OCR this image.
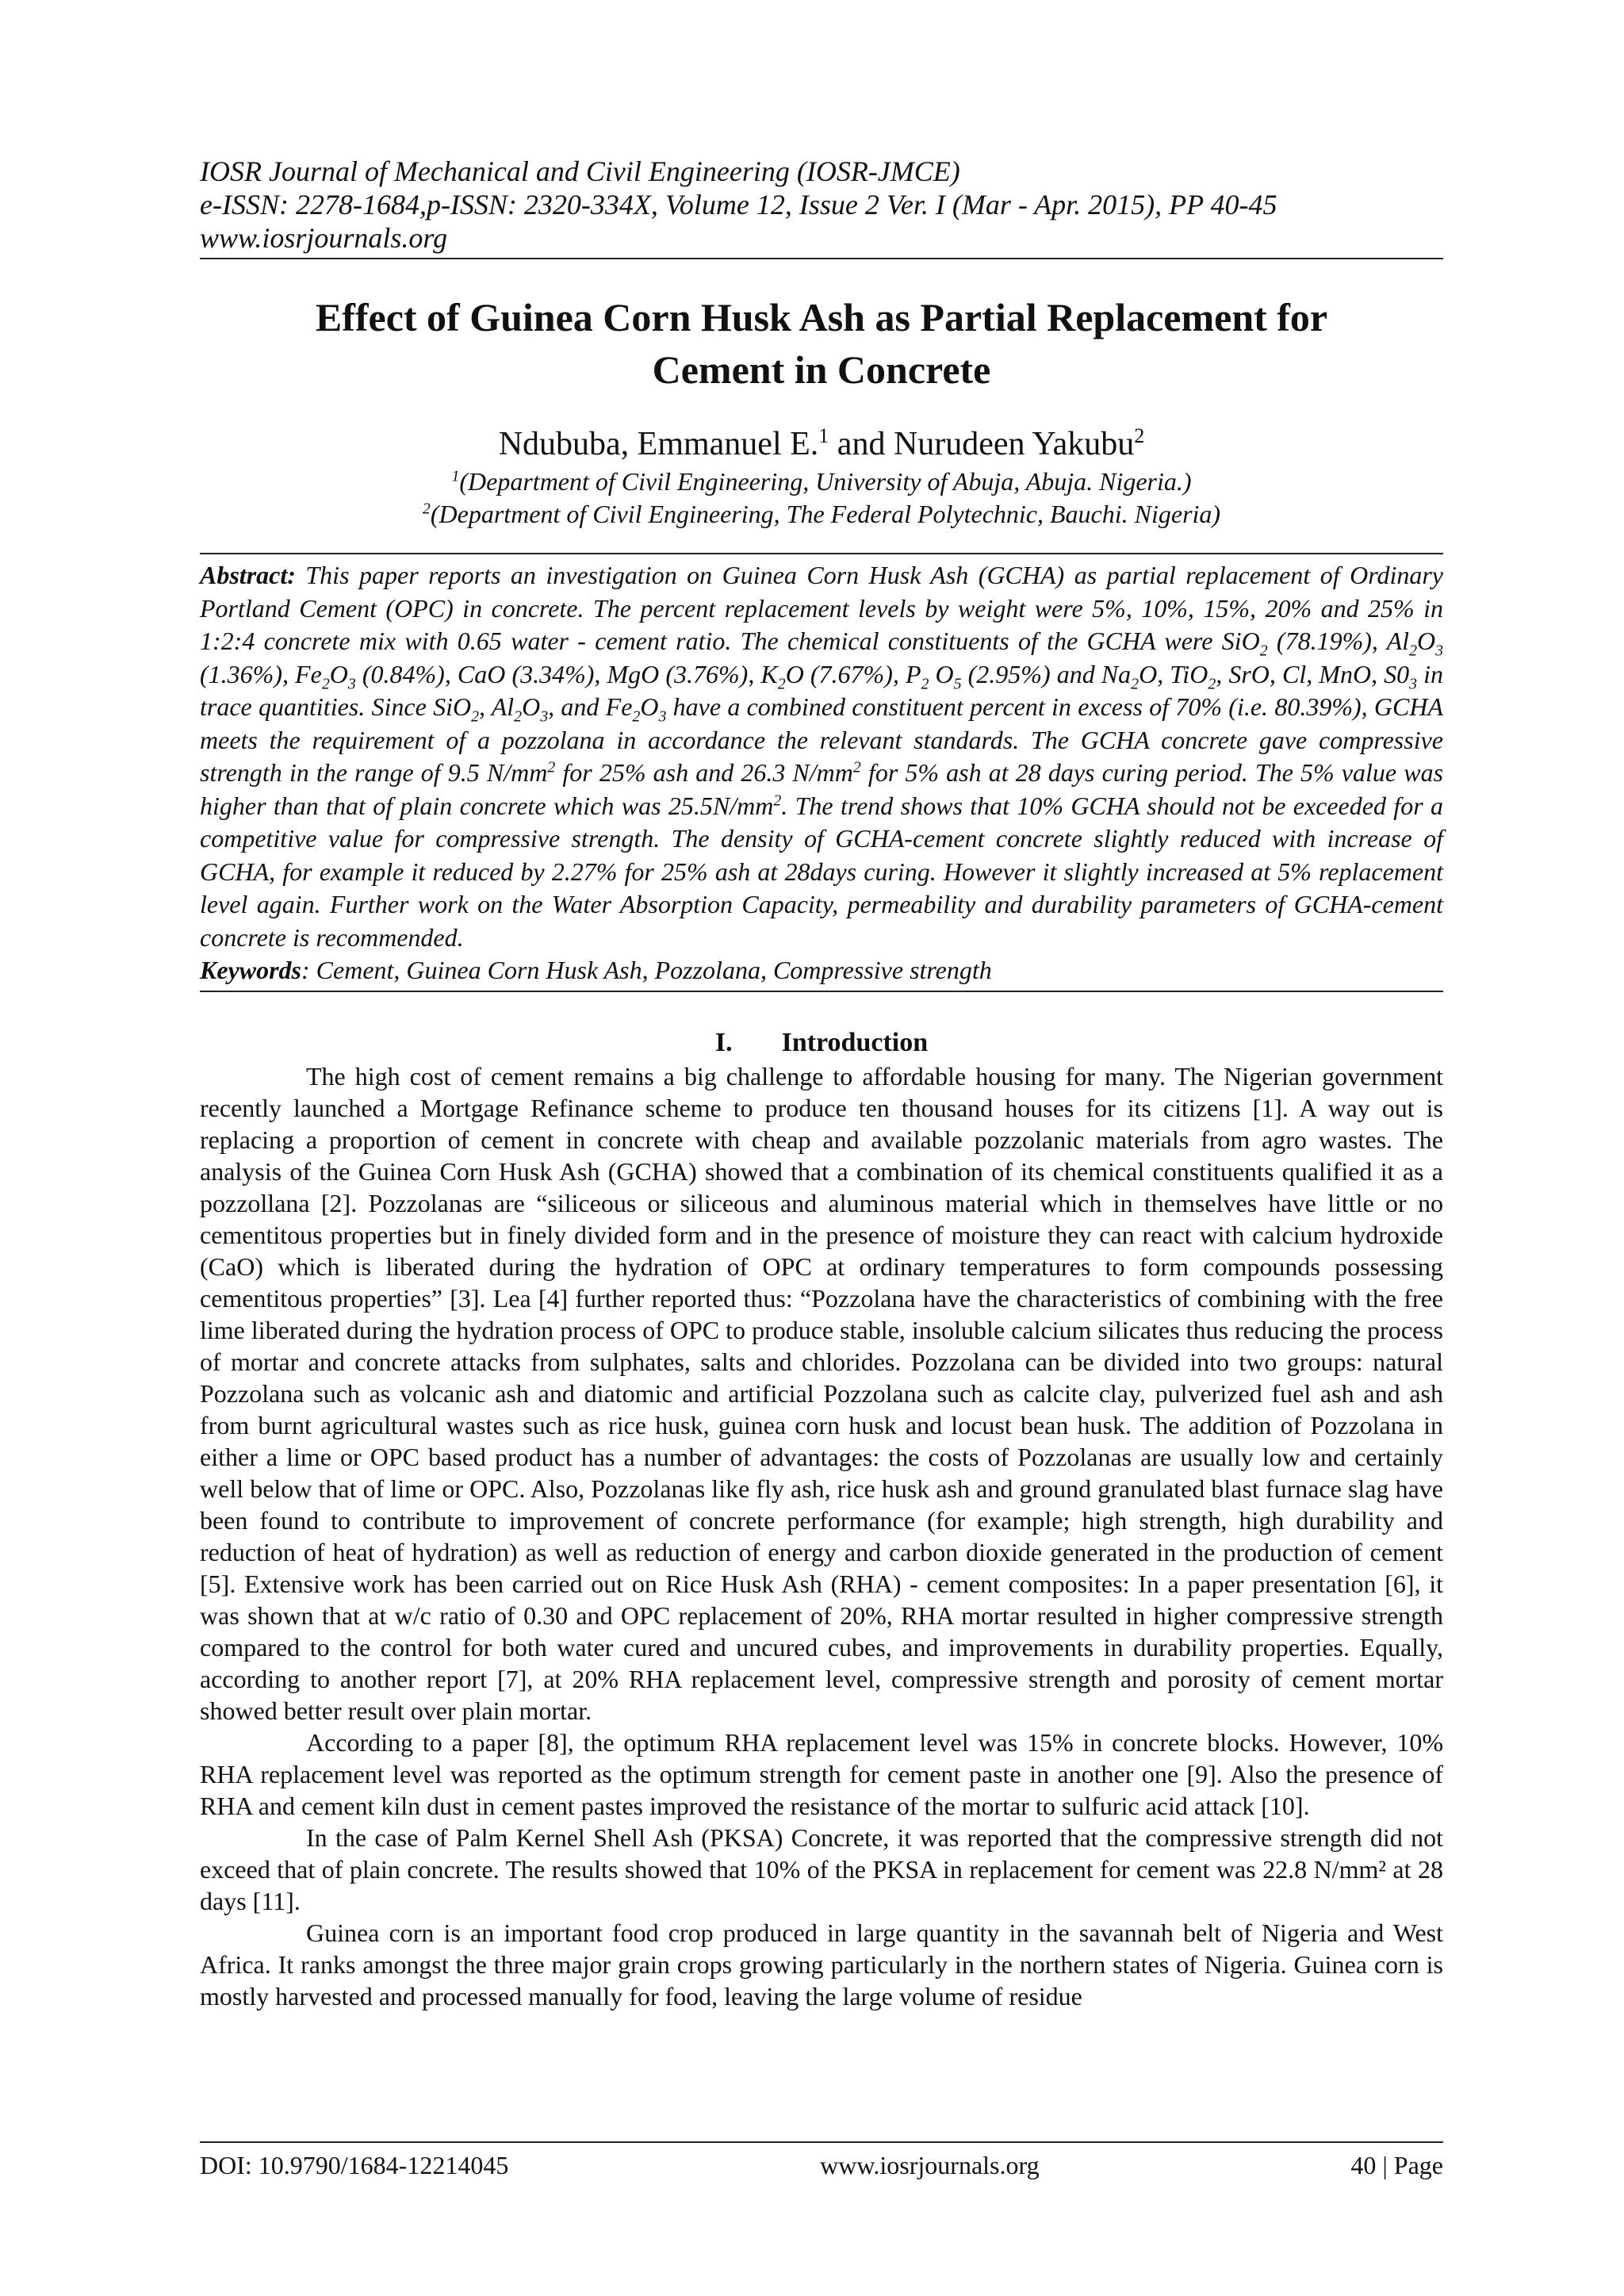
IOSR Journal of Mechanical and Civil Engineering (IOSR-JMCE)
e-ISSN: 2278-1684,p-ISSN: 2320-334X, Volume 12, Issue 2 Ver. I (Mar - Apr. 2015), PP 40-45
www.iosrjournals.org
Effect of Guinea Corn Husk Ash as Partial Replacement for
Cement in Concrete
Ndububa, Emmanuel E.$^1$ and Nurudeen Yakubu$^2$
$^1$(Department of Civil Engineering, University of Abuja, Abuja. Nigeria.)
$^2$(Department of Civil Engineering, The Federal Polytechnic, Bauchi. Nigeria)
Abstract: This paper reports an investigation on Guinea Corn Husk Ash (GCHA) as partial replacement of Ordinary Portland Cement (OPC) in concrete. The percent replacement levels by weight were 5%, 10%, 15%, 20% and 25% in 1:2:4 concrete mix with 0.65 water - cement ratio. The chemical constituents of the GCHA were SiO$_2$ (78.19%), $Al_2O_3$ (1.36%), $Fe_2O_3$ (0.84%), CaO (3.34%), MgO (3.76%), $K_2O$ (7.67%), $P_2$ $O_5$ (2.95%) and $Na_2O$, TiO$_2$, SrO, Cl, MnO, $S0_3$ in trace quantities. Since SiO$_2$, $Al_2O_3$, and $Fe_2O_3$ have a combined constituent percent in excess of 70% (i.e. 80.39%), GCHA meets the requirement of a pozzolana in accordance the relevant standards. The GCHA concrete gave compressive strength in the range of 9.5 $N/mm^2$ for 25% ash and 26.3 $N/mm^2$ for 5% ash at 28 days curing period. The 5% value was higher than that of plain concrete which was $25.5N/mm^2$. The trend shows that 10% GCHA should not be exceeded for a competitive value for compressive strength. The density of GCHA-cement concrete slightly reduced with increase of GCHA, for example it reduced by 2.27% for 25% ash at 28days curing. However it slightly increased at 5% replacement level again. Further work on the Water Absorption Capacity, permeability and durability parameters of GCHA-cement concrete is recommended.
Keywords: Cement, Guinea Corn Husk Ash, Pozzolana, Compressive strength
I. Introduction

The high cost of cement remains a big challenge to affordable housing for many. The Nigerian government recently launched a Mortgage Refinance scheme to produce ten thousand houses for its citizens [1]. A way out is replacing a proportion of cement in concrete with cheap and available pozzolanic materials from agro wastes. The analysis of the Guinea Corn Husk Ash (GCHA) showed that a combination of its chemical constituents qualified it as a pozzollana [2]. Pozzolanas are “siliceous or siliceous and aluminous material which in themselves have little or no cementitous properties but in finely divided form and in the presence of moisture they can react with calcium hydroxide (CaO) which is liberated during the hydration of OPC at ordinary temperatures to form compounds possessing cementitous properties” [3]. Lea [4] further reported thus: “Pozzolana have the characteristics of combining with the free lime liberated during the hydration process of OPC to produce stable, insoluble calcium silicates thus reducing the process of mortar and concrete attacks from sulphates, salts and chlorides. Pozzolana can be divided into two groups: natural Pozzolana such as volcanic ash and diatomic and artificial Pozzolana such as calcite clay, pulverized fuel ash and ash from burnt agricultural wastes such as rice husk, guinea corn husk and locust bean husk. The addition of Pozzolana in either a lime or OPC based product has a number of advantages: the costs of Pozzolanas are usually low and certainly well below that of lime or OPC. Also, Pozzolanas like fly ash, rice husk ash and ground granulated blast furnace slag have been found to contribute to improvement of concrete performance (for example; high strength, high durability and reduction of heat of hydration) as well as reduction of energy and carbon dioxide generated in the production of cement [5]. Extensive work has been carried out on Rice Husk Ash (RHA) - cement composites: In a paper presentation [6], it was shown that at w/c ratio of 0.30 and OPC replacement of 20%, RHA mortar resulted in higher compressive strength compared to the control for both water cured and uncured cubes, and improvements in durability properties. Equally, according to another report [7], at 20% RHA replacement level, compressive strength and porosity of cement mortar showed better result over plain mortar.

According to a paper [8], the optimum RHA replacement level was 15% in concrete blocks. However, 10% RHA replacement level was reported as the optimum strength for cement paste in another one [9]. Also the presence of RHA and cement kiln dust in cement pastes improved the resistance of the mortar to sulfuric acid attack [10].

In the case of Palm Kernel Shell Ash (PKSA) Concrete, it was reported that the compressive strength did not exceed that of plain concrete. The results showed that 10% of the PKSA in replacement for cement was 22.8 N/mm² at 28 days [11].

Guinea corn is an important food crop produced in large quantity in the savannah belt of Nigeria and West Africa. It ranks amongst the three major grain crops growing particularly in the northern states of Nigeria. Guinea corn is mostly harvested and processed manually for food, leaving the large volume of residue

DOI: 10.9790/1684-12214045	www.iosrjournals.org	40 | Page
